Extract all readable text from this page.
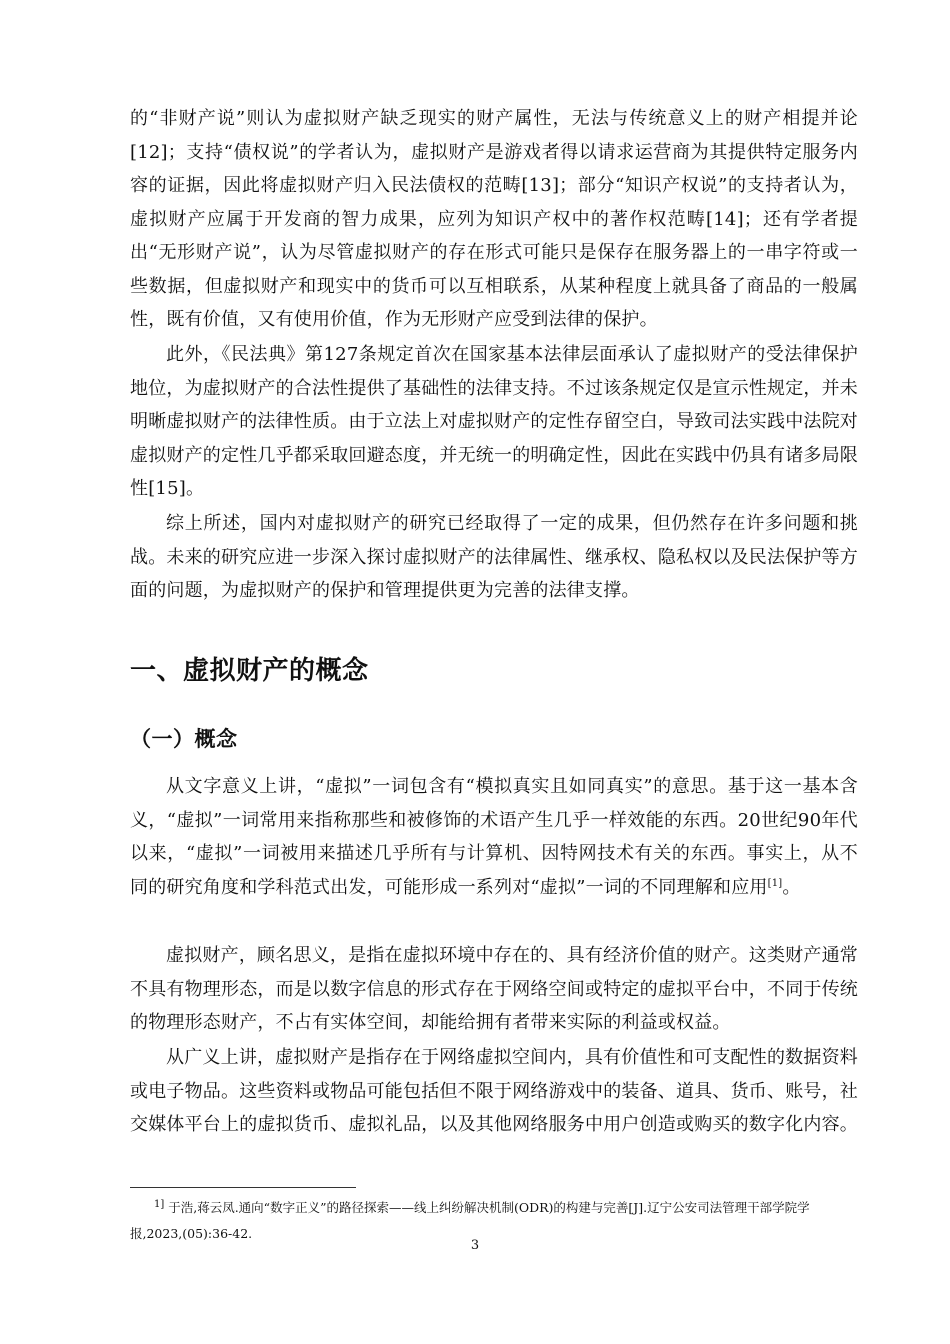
的“非财产说”则认为虚拟财产缺乏现实的财产属性，无法与传统意义上的财产相提并论[12]；支持“债权说”的学者认为，虚拟财产是游戏者得以请求运营商为其提供特定服务内容的证据，因此将虚拟财产归入民法债权的范畴[13]；部分“知识产权说”的支持者认为，虚拟财产应属于开发商的智力成果，应列为知识产权中的著作权范畴[14]；还有学者提出“无形财产说”，认为尽管虚拟财产的存在形式可能只是保存在服务器上的一串字符或一些数据，但虚拟财产和现实中的货币可以互相联系，从某种程度上就具备了商品的一般属性，既有价值，又有使用价值，作为无形财产应受到法律的保护。

此外，《民法典》第127条规定首次在国家基本法律层面承认了虚拟财产的受法律保护地位，为虚拟财产的合法性提供了基础性的法律支持。不过该条规定仅是宣示性规定，并未明晰虚拟财产的法律性质。由于立法上对虚拟财产的定性存留空白，导致司法实践中法院对虚拟财产的定性几乎都采取回避态度，并无统一的明确定性，因此在实践中仍具有诸多局限性[15]。

综上所述，国内对虚拟财产的研究已经取得了一定的成果，但仍然存在许多问题和挑战。未来的研究应进一步深入探讨虚拟财产的法律属性、继承权、隐私权以及民法保护等方面的问题，为虚拟财产的保护和管理提供更为完善的法律支撑。

一、虚拟财产的概念
（一）概念

从文字意义上讲，“虚拟”一词包含有“模拟真实且如同真实”的意思。基于这一基本含义，“虚拟”一词常用来指称那些和被修饰的术语产生几乎一样效能的东西。20世纪90年代以来，“虚拟”一词被用来描述几乎所有与计算机、因特网技术有关的东西。事实上，从不同的研究角度和学科范式出发，可能形成一系列对“虚拟”一词的不同理解和应用[1]。

虚拟财产，顾名思义，是指在虚拟环境中存在的、具有经济价值的财产。这类财产通常不具有物理形态，而是以数字信息的形式存在于网络空间或特定的虚拟平台中，不同于传统的物理形态财产，不占有实体空间，却能给拥有者带来实际的利益或权益。

从广义上讲，虚拟财产是指存在于网络虚拟空间内，具有价值性和可支配性的数据资料或电子物品。这些资料或物品可能包括但不限于网络游戏中的装备、道具、货币、账号，社交媒体平台上的虚拟货币、虚拟礼品，以及其他网络服务中用户创造或购买的数字化内容。

$^{1]}$ 于浩,蒋云凤.通向“数字正义”的路径探索——线上纠纷解决机制(ODR)的构建与完善[J].辽宁公安司法管理干部学院学报,2023,(05):36-42.

3
